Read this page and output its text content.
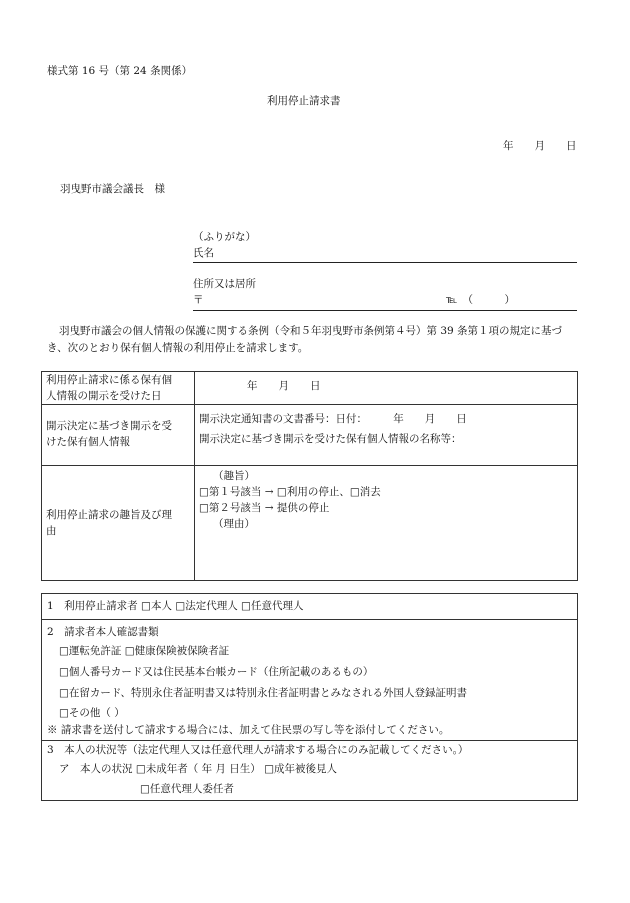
様式第 16 号（第 24 条関係）
利用停止請求書
年　　月　　日
羽曳野市議会議長　様
（ふりがな）
氏名
住所又は居所
〒	℡　（　　　）
羽曳野市議会の個人情報の保護に関する条例（令和５年羽曳野市条例第４号）第 39 条第１項の規定に基づき、次のとおり保有個人情報の利用停止を請求します。
利用停止請求に係る保有個
人情報の開示を受けた日	年　　月　　日

開示決定に基づき開示を受
けた保有個人情報	開示決定通知書の文書番号：日付：　　　年　　月　　日
開示決定に基づき開示を受けた保有個人情報の名称等：

利用停止請求の趣旨及び理
由	（趣旨）
□第１号該当 → □利用の停止、□消去
□第２号該当 → 提供の停止
（理由）
1　利用停止請求者 □本人 □法定代理人 □任意代理人
2　請求者本人確認書類
□運転免許証 □健康保険被保険者証
□個人番号カード又は住民基本台帳カード（住所記載のあるもの）
□在留カード、特別永住者証明書又は特別永住者証明書とみなされる外国人登録証明書
□その他（ ）
※ 請求書を送付して請求する場合には、加えて住民票の写し等を添付してください。
3　本人の状況等（法定代理人又は任意代理人が請求する場合にのみ記載してください。）
ア　本人の状況 □未成年者（ 年 月 日生） □成年被後見人
□任意代理人委任者
